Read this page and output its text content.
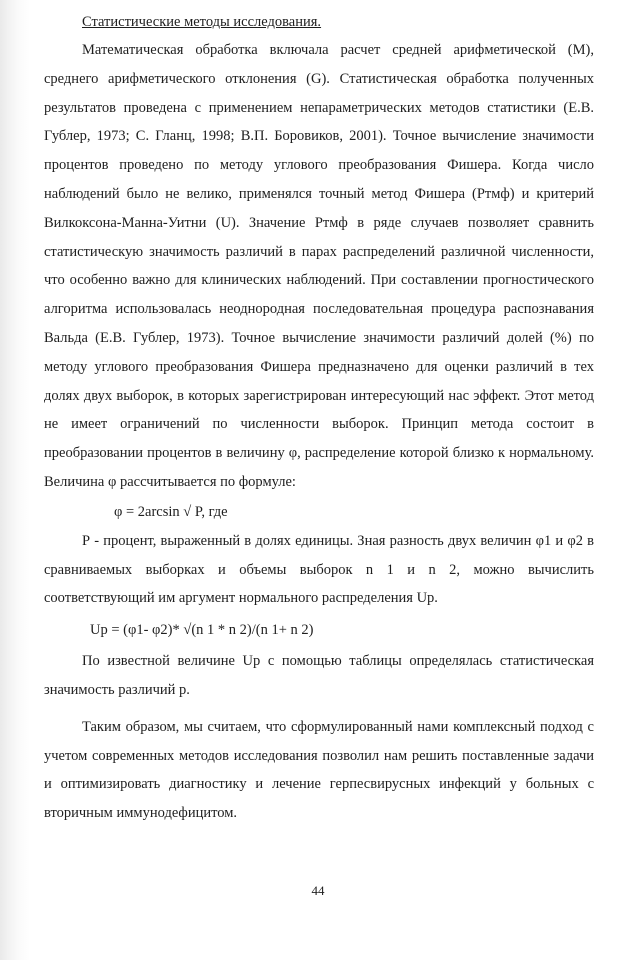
Статистические методы исследования.

Математическая обработка включала расчет средней арифметической (М), среднего арифметического отклонения (G). Статистическая обработка полученных результатов проведена с применением непараметрических методов статистики (Е.В. Гублер, 1973; С. Гланц, 1998; В.П. Боровиков, 2001). Точное вычисление значимости процентов проведено по методу углового преобразования Фишера. Когда число наблюдений было не велико, применялся точный метод Фишера (Ртмф) и критерий Вилкоксона-Манна-Уитни (U). Значение Ртмф в ряде случаев позволяет сравнить статистическую значимость различий в парах распределений различной численности, что особенно важно для клинических наблюдений. При составлении прогностического алгоритма использовалась неоднородная последовательная процедура распознавания Вальда (Е.В. Гублер, 1973). Точное вычисление значимости различий долей (%) по методу углового преобразования Фишера предназначено для оценки различий в тех долях двух выборок, в которых зарегистрирован интересующий нас эффект. Этот метод не имеет ограничений по численности выборок. Принцип метода состоит в преобразовании процентов в величину φ, распределение которой близко к нормальному. Величина φ рассчитывается по формуле:

φ = 2arcsin √ P, где

Р - процент, выраженный в долях единицы. Зная разность двух величин φ1 и φ2 в сравниваемых выборках и объемы выборок n 1 и n 2, можно вычислить соответствующий им аргумент нормального распределения Up.

Up = (φ1- φ2)* √(n 1 * n 2)/(n 1+ n 2)

По известной величине Up с помощью таблицы определялась статистическая значимость различий p.

Таким образом, мы считаем, что сформулированный нами комплексный подход с учетом современных методов исследования позволил нам решить поставленные задачи и оптимизировать диагностику и лечение герпесвирусных инфекций у больных с вторичным иммунодефицитом.

44
